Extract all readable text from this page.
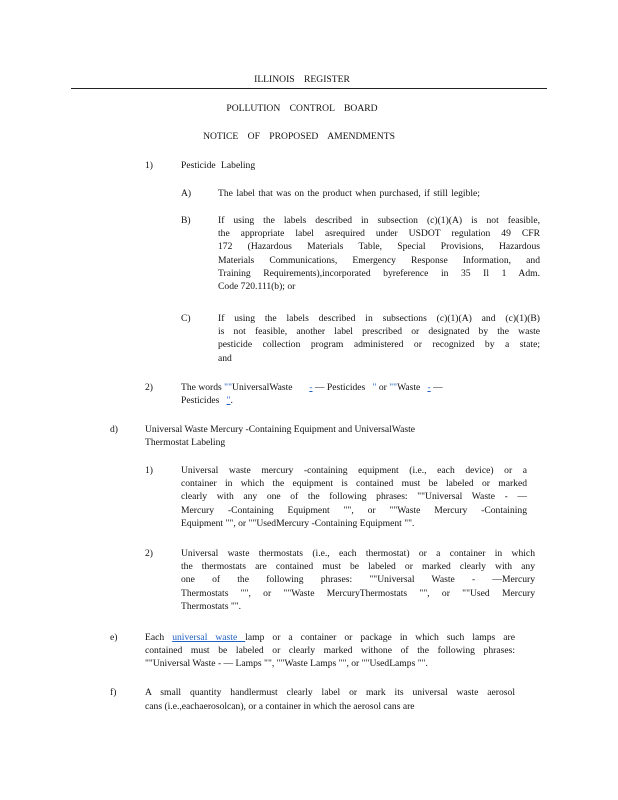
ILLINOIS REGISTER
POLLUTION CONTROL BOARD
NOTICE OF PROPOSED AMENDMENTS
1)	Pesticide Labeling
A)	The label that was on the product when purchased, if still legible;
B)	If using the labels described in subsection (c)(1)(A) is not feasible,
the appropriate label asrequired under USDOT regulation 49 CFR
172 (Hazardous Materials Table, Special Provisions, Hazardous
Materials Communications, Emergency Response Information, and
Training Requirements),incorporated byreference in 35 Il 1 Adm.
Code 720.111(b); or
C)	If using the labels described in subsections (c)(1)(A) and (c)(1)(B)
is not feasible, another label prescribed or designated by the waste
pesticide collection program administered or recognized by a state;
and
2)	The words ""UniversalWaste - — Pesticides " or ""Waste - —
Pesticides ".
d)	Universal Waste Mercury -Containing Equipment and UniversalWaste
Thermostat Labeling
1)	Universal waste mercury -containing equipment (i.e., each device) or a
container in which the equipment is contained must be labeled or marked
clearly with any one of the following phrases: ""Universal Waste - —
Mercury -Containing Equipment "", or ""Waste Mercury -Containing
Equipment "", or ""UsedMercury -Containing Equipment "".
2)	Universal waste thermostats (i.e., each thermostat) or a container in which
the thermostats are contained must be labeled or marked clearly with any
one of the following phrases: ""Universal Waste - —Mercury
Thermostats "", or ""Waste MercuryThermostats "", or ""Used Mercury
Thermostats "".
e)	Each universal waste lamp or a container or package in which such lamps are
contained must be labeled or clearly marked withone of the following phrases:
""Universal Waste - — Lamps "", ""Waste Lamps "", or ""UsedLamps "".
f)	A small quantity handlermust clearly label or mark its universal waste aerosol
cans (i.e.,eachaerosolcan), or a container in which the aerosol cans are
